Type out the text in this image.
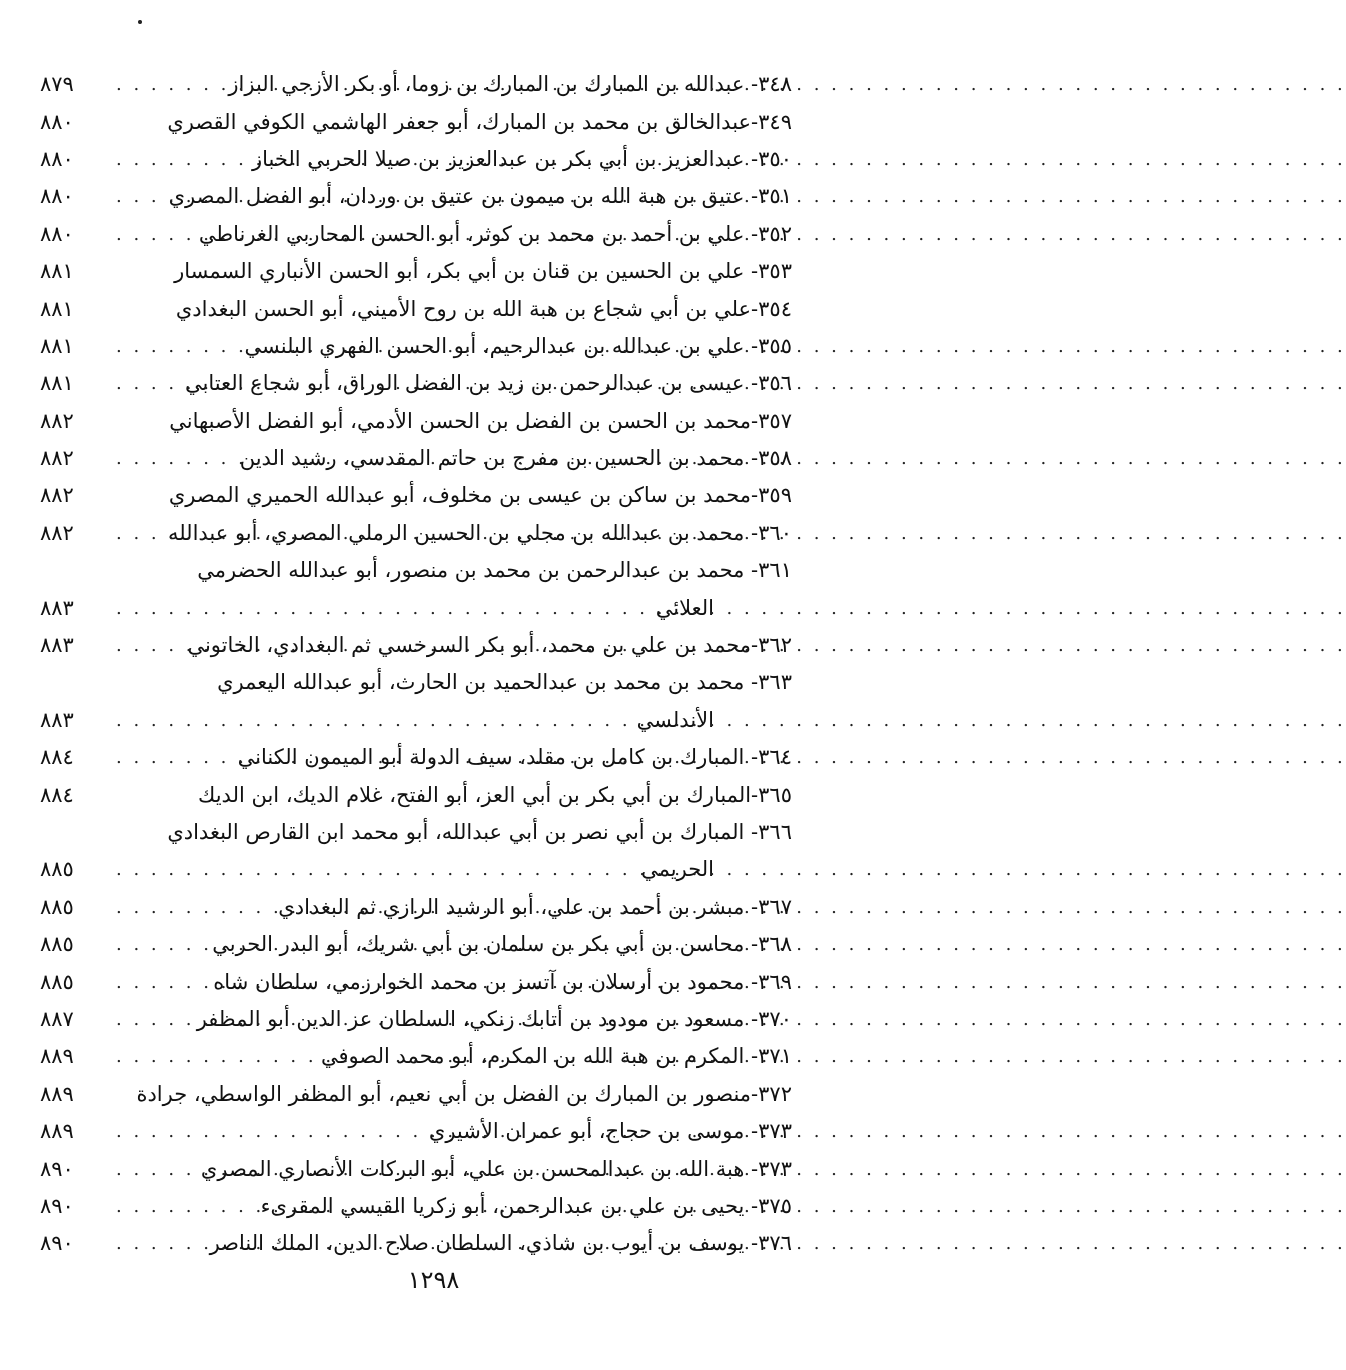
٣٤٨- عبدالله بن المبارك بن المبارك بن زوما، أو بكر الأزجي البزاز
. . .
٨٧٩
٣٤٩-عبدالخالق بن محمد بن المبارك، أبو جعفر الهاشمي الكوفي القصري
٨٨٠
٣٥٠- عبدالعزيز بن أبي بكر بن عبدالعزيز بن صيلا الحربي الخباز
. . .
٨٨٠
٣٥١- عتيق بن هبة الله بن ميمون بن عتيق بن وردان، أبو الفضل المصري
. . .
٨٨٠
٣٥٢- علي بن أحمد بن محمد بن كوثر، أبو الحسن المحاربي الغرناطي
. . .
٨٨٠
٣٥٣- علي بن الحسين بن قنان بن أبي بكر، أبو الحسن الأنباري السمسار
٨٨١
٣٥٤-علي بن أبي شجاع بن هبة الله بن روح الأميني، أبو الحسن البغدادي
٨٨١
٣٥٥- علي بن عبدالله بن عبدالرحيم، أبو الحسن الفهري البلنسي
. . .
٨٨١
٣٥٦- عيسى بن عبدالرحمن بن زيد بن الفضل الوراق، أبو شجاع العتابي
. . .
٨٨١
٣٥٧-محمد بن الحسن بن الفضل بن الحسن الأدمي، أبو الفضل الأصبهاني
٨٨٢
٣٥٨- محمد بن الحسين بن مفرج بن حاتم المقدسي، رشيد الدين
. . .
٨٨٢
٣٥٩-محمد بن ساكن بن عيسى بن مخلوف، أبو عبدالله الحميري المصري
٨٨٢
٣٦٠- محمد بن عبدالله بن مجلي بن الحسين الرملي المصري، أبو عبدالله
. . .
٨٨٢
٣٦١- محمد بن عبدالرحمن بن محمد بن منصور، أبو عبدالله الحضرمي
العلائي
. . .
٨٨٣
٣٦٢-محمد بن علي بن محمد، أبو بكر السرخسي ثم البغدادي، الخاتوني
. . .
٨٨٣
٣٦٣- محمد بن محمد بن عبدالحميد بن الحارث، أبو عبدالله اليعمري
الأندلسي
. . .
٨٨٣
٣٦٤- المبارك بن كامل بن مقلد، سيف الدولة أبو الميمون الكناني
. . .
٨٨٤
٣٦٥-المبارك بن أبي بكر بن أبي العز، أبو الفتح، غلام الديك، ابن الديك
٨٨٤
٣٦٦- المبارك بن أبي نصر بن أبي عبدالله، أبو محمد ابن القارص البغدادي
الحريمي
. . .
٨٨٥
٣٦٧- مبشر بن أحمد بن علي، أبو الرشيد الرازي ثم البغدادي
. . .
٨٨٥
٣٦٨- محاسن بن أبي بكر بن سلمان بن أبي شريك، أبو البدر الحربي
. . .
٨٨٥
٣٦٩- محمود بن أرسلان بن آتسز بن محمد الخوارزمي، سلطان شاه
. . .
٨٨٥
٣٧٠- مسعود بن مودود بن أتابك زنكي، السلطان عز الدين أبو المظفر
. . .
٨٨٧
٣٧١- المكرم بن هبة الله بن المكرم، أبو محمد الصوفي
. . .
٨٨٩
٣٧٢-منصور بن المبارك بن الفضل بن أبي نعيم، أبو المظفر الواسطي، جرادة
٨٨٩
٣٧٣- موسى بن حجاج، أبو عمران الأشيري
. . .
٨٨٩
٣٧٣- هبة الله بن عبدالمحسن بن علي، أبو البركات الأنصاري المصري
. . .
٨٩٠
٣٧٥- يحيى بن علي بن عبدالرحمن، أبو زكريا القيسي المقرىء
. . .
٨٩٠
٣٧٦- يوسف بن أيوب بن شاذي، السلطان صلاح الدين، الملك الناصر
. . .
٨٩٠
١٢٩٨
